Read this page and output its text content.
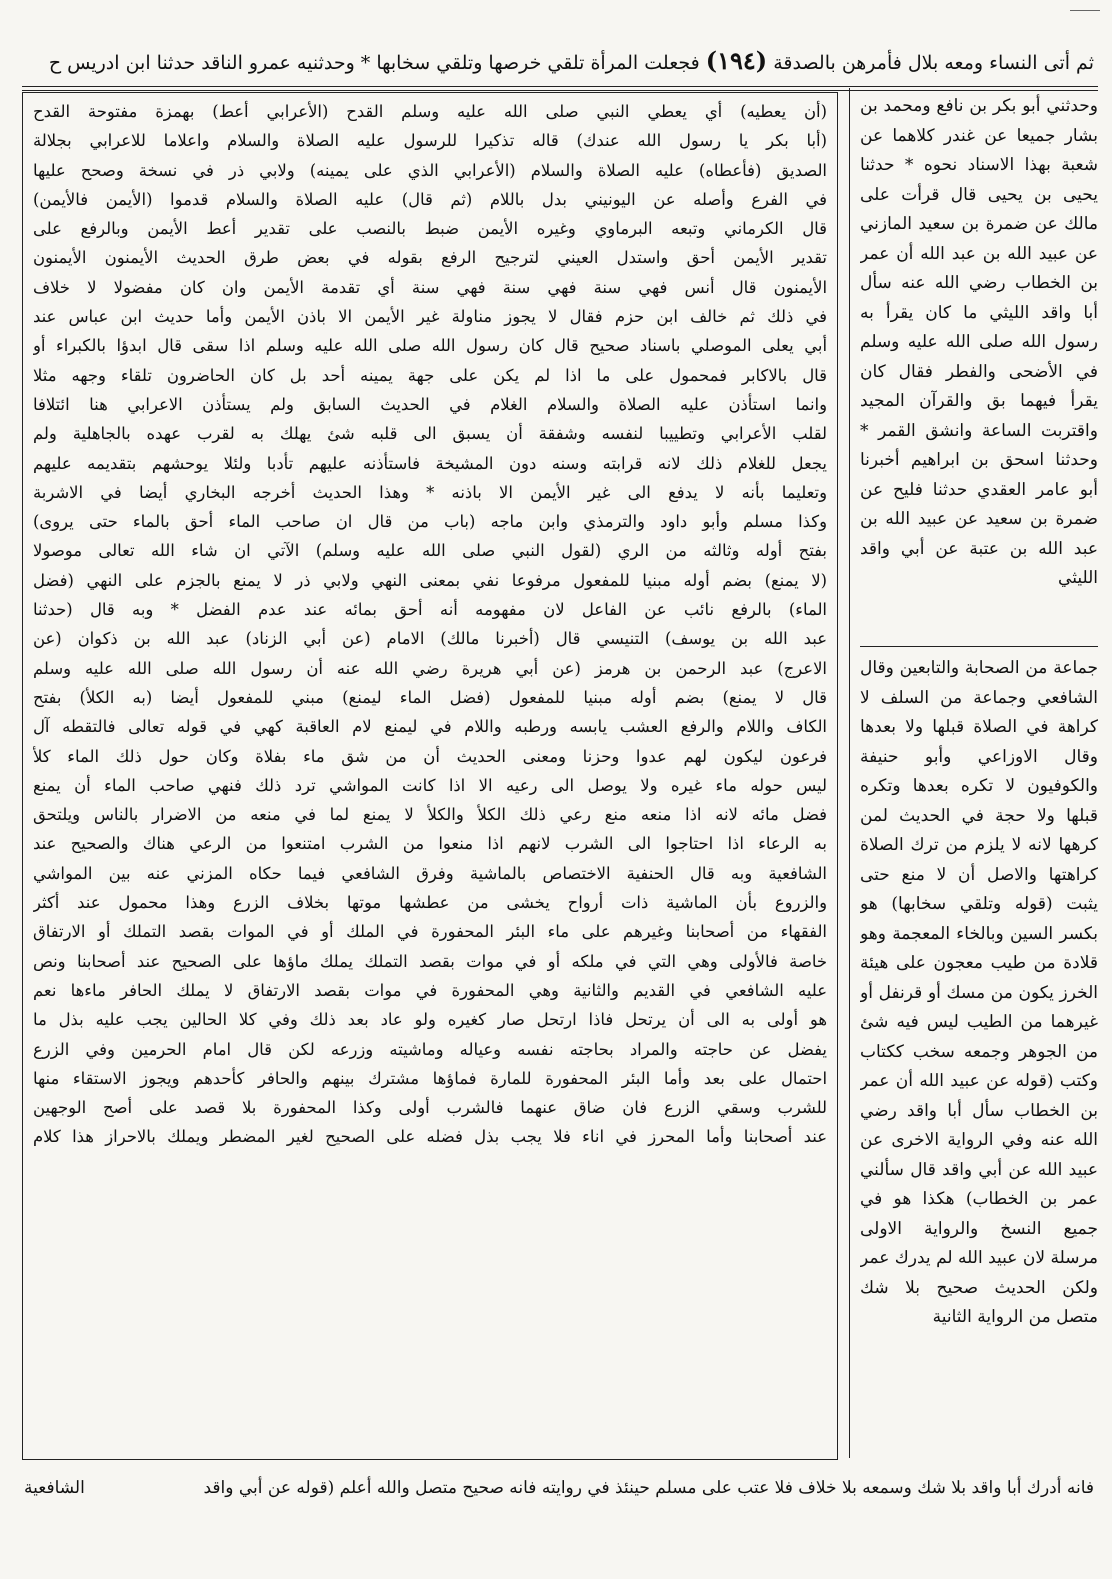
ثم أتى النساء ومعه بلال فأمرهن بالصدقة (١٩٤) فجعلت المرأة تلقي خرصها وتلقي سخابها * وحدثنيه عمرو الناقد حدثنا ابن ادريس ح
وحدثني أبو بكر بن نافع ومحمد بن بشار جميعا عن غندر كلاهما عن شعبة بهذا الاسناد نحوه * حدثنا يحيى بن يحيى قال قرأت على مالك عن ضمرة بن سعيد المازني عن عبيد الله بن عبد الله أن عمر بن الخطاب رضي الله عنه سأل أبا واقد الليثي ما كان يقرأ به رسول الله صلى الله عليه وسلم في الأضحى والفطر فقال كان يقرأ فيهما بق والقرآن المجيد واقتربت الساعة وانشق القمر * وحدثنا اسحق بن ابراهيم أخبرنا أبو عامر العقدي حدثنا فليح عن ضمرة بن سعيد عن عبيد الله بن عبد الله بن عتبة عن أبي واقد الليثي
جماعة من الصحابة والتابعين وقال الشافعي وجماعة من السلف لا كراهة في الصلاة قبلها ولا بعدها وقال الاوزاعي وأبو حنيفة والكوفيون لا تكره بعدها وتكره قبلها ولا حجة في الحديث لمن كرهها لانه لا يلزم من ترك الصلاة كراهتها والاصل أن لا منع حتى يثبت (قوله وتلقي سخابها) هو بكسر السين وبالخاء المعجمة وهو قلادة من طيب معجون على هيئة الخرز يكون من مسك أو قرنفل أو غيرهما من الطيب ليس فيه شئ من الجوهر وجمعه سخب ككتاب وكتب (قوله عن عبيد الله أن عمر بن الخطاب سأل أبا واقد رضي الله عنه وفي الرواية الاخرى عن عبيد الله عن أبي واقد قال سألني عمر بن الخطاب) هكذا هو في جميع النسخ والرواية الاولى مرسلة لان عبيد الله لم يدرك عمر ولكن الحديث صحيح بلا شك متصل من الرواية الثانية
(أن يعطيه) أي يعطي النبي صلى الله عليه وسلم القدح (الأعرابي أعط) بهمزة مفتوحة القدح
(أبا بكر يا رسول الله عندك) قاله تذكيرا للرسول عليه الصلاة والسلام واعلاما للاعرابي بجلالة
الصديق (فأعطاه) عليه الصلاة والسلام (الأعرابي الذي على يمينه) ولابي ذر في نسخة وصحح عليها
في الفرع وأصله عن اليونيني بدل باللام (ثم قال) عليه الصلاة والسلام قدموا (الأيمن فالأيمن)
قال الكرماني وتبعه البرماوي وغيره الأيمن ضبط بالنصب على تقدير أعط الأيمن وبالرفع على
تقدير الأيمن أحق واستدل العيني لترجيح الرفع بقوله في بعض طرق الحديث الأيمنون الأيمنون
الأيمنون قال أنس فهي سنة فهي سنة فهي سنة أي تقدمة الأيمن وان كان مفضولا لا خلاف
في ذلك ثم خالف ابن حزم فقال لا يجوز مناولة غير الأيمن الا باذن الأيمن وأما حديث ابن عباس عند
أبي يعلى الموصلي باسناد صحيح قال كان رسول الله صلى الله عليه وسلم اذا سقى قال ابدؤا بالكبراء أو
قال بالاكابر فمحمول على ما اذا لم يكن على جهة يمينه أحد بل كان الحاضرون تلقاء وجهه مثلا
وانما استأذن عليه الصلاة والسلام الغلام في الحديث السابق ولم يستأذن الاعرابي هنا ائتلافا
لقلب الأعرابي وتطييبا لنفسه وشفقة أن يسبق الى قلبه شئ يهلك به لقرب عهده بالجاهلية ولم
يجعل للغلام ذلك لانه قرابته وسنه دون المشيخة فاستأذنه عليهم تأدبا ولئلا يوحشهم بتقديمه عليهم
وتعليما بأنه لا يدفع الى غير الأيمن الا باذنه * وهذا الحديث أخرجه البخاري أيضا في الاشربة
وكذا مسلم وأبو داود والترمذي وابن ماجه (باب من قال ان صاحب الماء أحق بالماء حتى يروى)
بفتح أوله وثالثه من الري (لقول النبي صلى الله عليه وسلم) الآتي ان شاء الله تعالى موصولا
(لا يمنع) بضم أوله مبنيا للمفعول مرفوعا نفي بمعنى النهي ولابي ذر لا يمنع بالجزم على النهي (فضل
الماء) بالرفع نائب عن الفاعل لان مفهومه أنه أحق بمائه عند عدم الفضل * وبه قال (حدثنا
عبد الله بن يوسف) التنيسي قال (أخبرنا مالك) الامام (عن أبي الزناد) عبد الله بن ذكوان (عن
الاعرج) عبد الرحمن بن هرمز (عن أبي هريرة رضي الله عنه أن رسول الله صلى الله عليه وسلم
قال لا يمنع) بضم أوله مبنيا للمفعول (فضل الماء ليمنع) مبني للمفعول أيضا (به الكلأ) بفتح
الكاف واللام والرفع العشب يابسه ورطبه واللام في ليمنع لام العاقبة كهي في قوله تعالى فالتقطه آل
فرعون ليكون لهم عدوا وحزنا ومعنى الحديث أن من شق ماء بفلاة وكان حول ذلك الماء كلأ
ليس حوله ماء غيره ولا يوصل الى رعيه الا اذا كانت المواشي ترد ذلك فنهي صاحب الماء أن يمنع
فضل مائه لانه اذا منعه منع رعي ذلك الكلأ والكلأ لا يمنع لما في منعه من الاضرار بالناس ويلتحق
به الرعاء اذا احتاجوا الى الشرب لانهم اذا منعوا من الشرب امتنعوا من الرعي هناك والصحيح عند
الشافعية وبه قال الحنفية الاختصاص بالماشية وفرق الشافعي فيما حكاه المزني عنه بين المواشي
والزروع بأن الماشية ذات أرواح يخشى من عطشها موتها بخلاف الزرع وهذا محمول عند أكثر
الفقهاء من أصحابنا وغيرهم على ماء البئر المحفورة في الملك أو في الموات بقصد التملك أو الارتفاق
خاصة فالأولى وهي التي في ملكه أو في موات بقصد التملك يملك ماؤها على الصحيح عند أصحابنا ونص
عليه الشافعي في القديم والثانية وهي المحفورة في موات بقصد الارتفاق لا يملك الحافر ماءها نعم
هو أولى به الى أن يرتحل فاذا ارتحل صار كغيره ولو عاد بعد ذلك وفي كلا الحالين يجب عليه بذل ما
يفضل عن حاجته والمراد بحاجته نفسه وعياله وماشيته وزرعه لكن قال امام الحرمين وفي الزرع
احتمال على بعد وأما البئر المحفورة للمارة فماؤها مشترك بينهم والحافر كأحدهم ويجوز الاستقاء منها
للشرب وسقي الزرع فان ضاق عنهما فالشرب أولى وكذا المحفورة بلا قصد على أصح الوجهين
عند أصحابنا وأما المحرز في اناء فلا يجب بذل فضله على الصحيح لغير المضطر ويملك بالاحراز هذا كلام
فانه أدرك أبا واقد بلا شك وسمعه بلا خلاف فلا عتب على مسلم حينئذ في روايته فانه صحيح متصل والله أعلم (قوله عن أبي واقد
الشافعية
